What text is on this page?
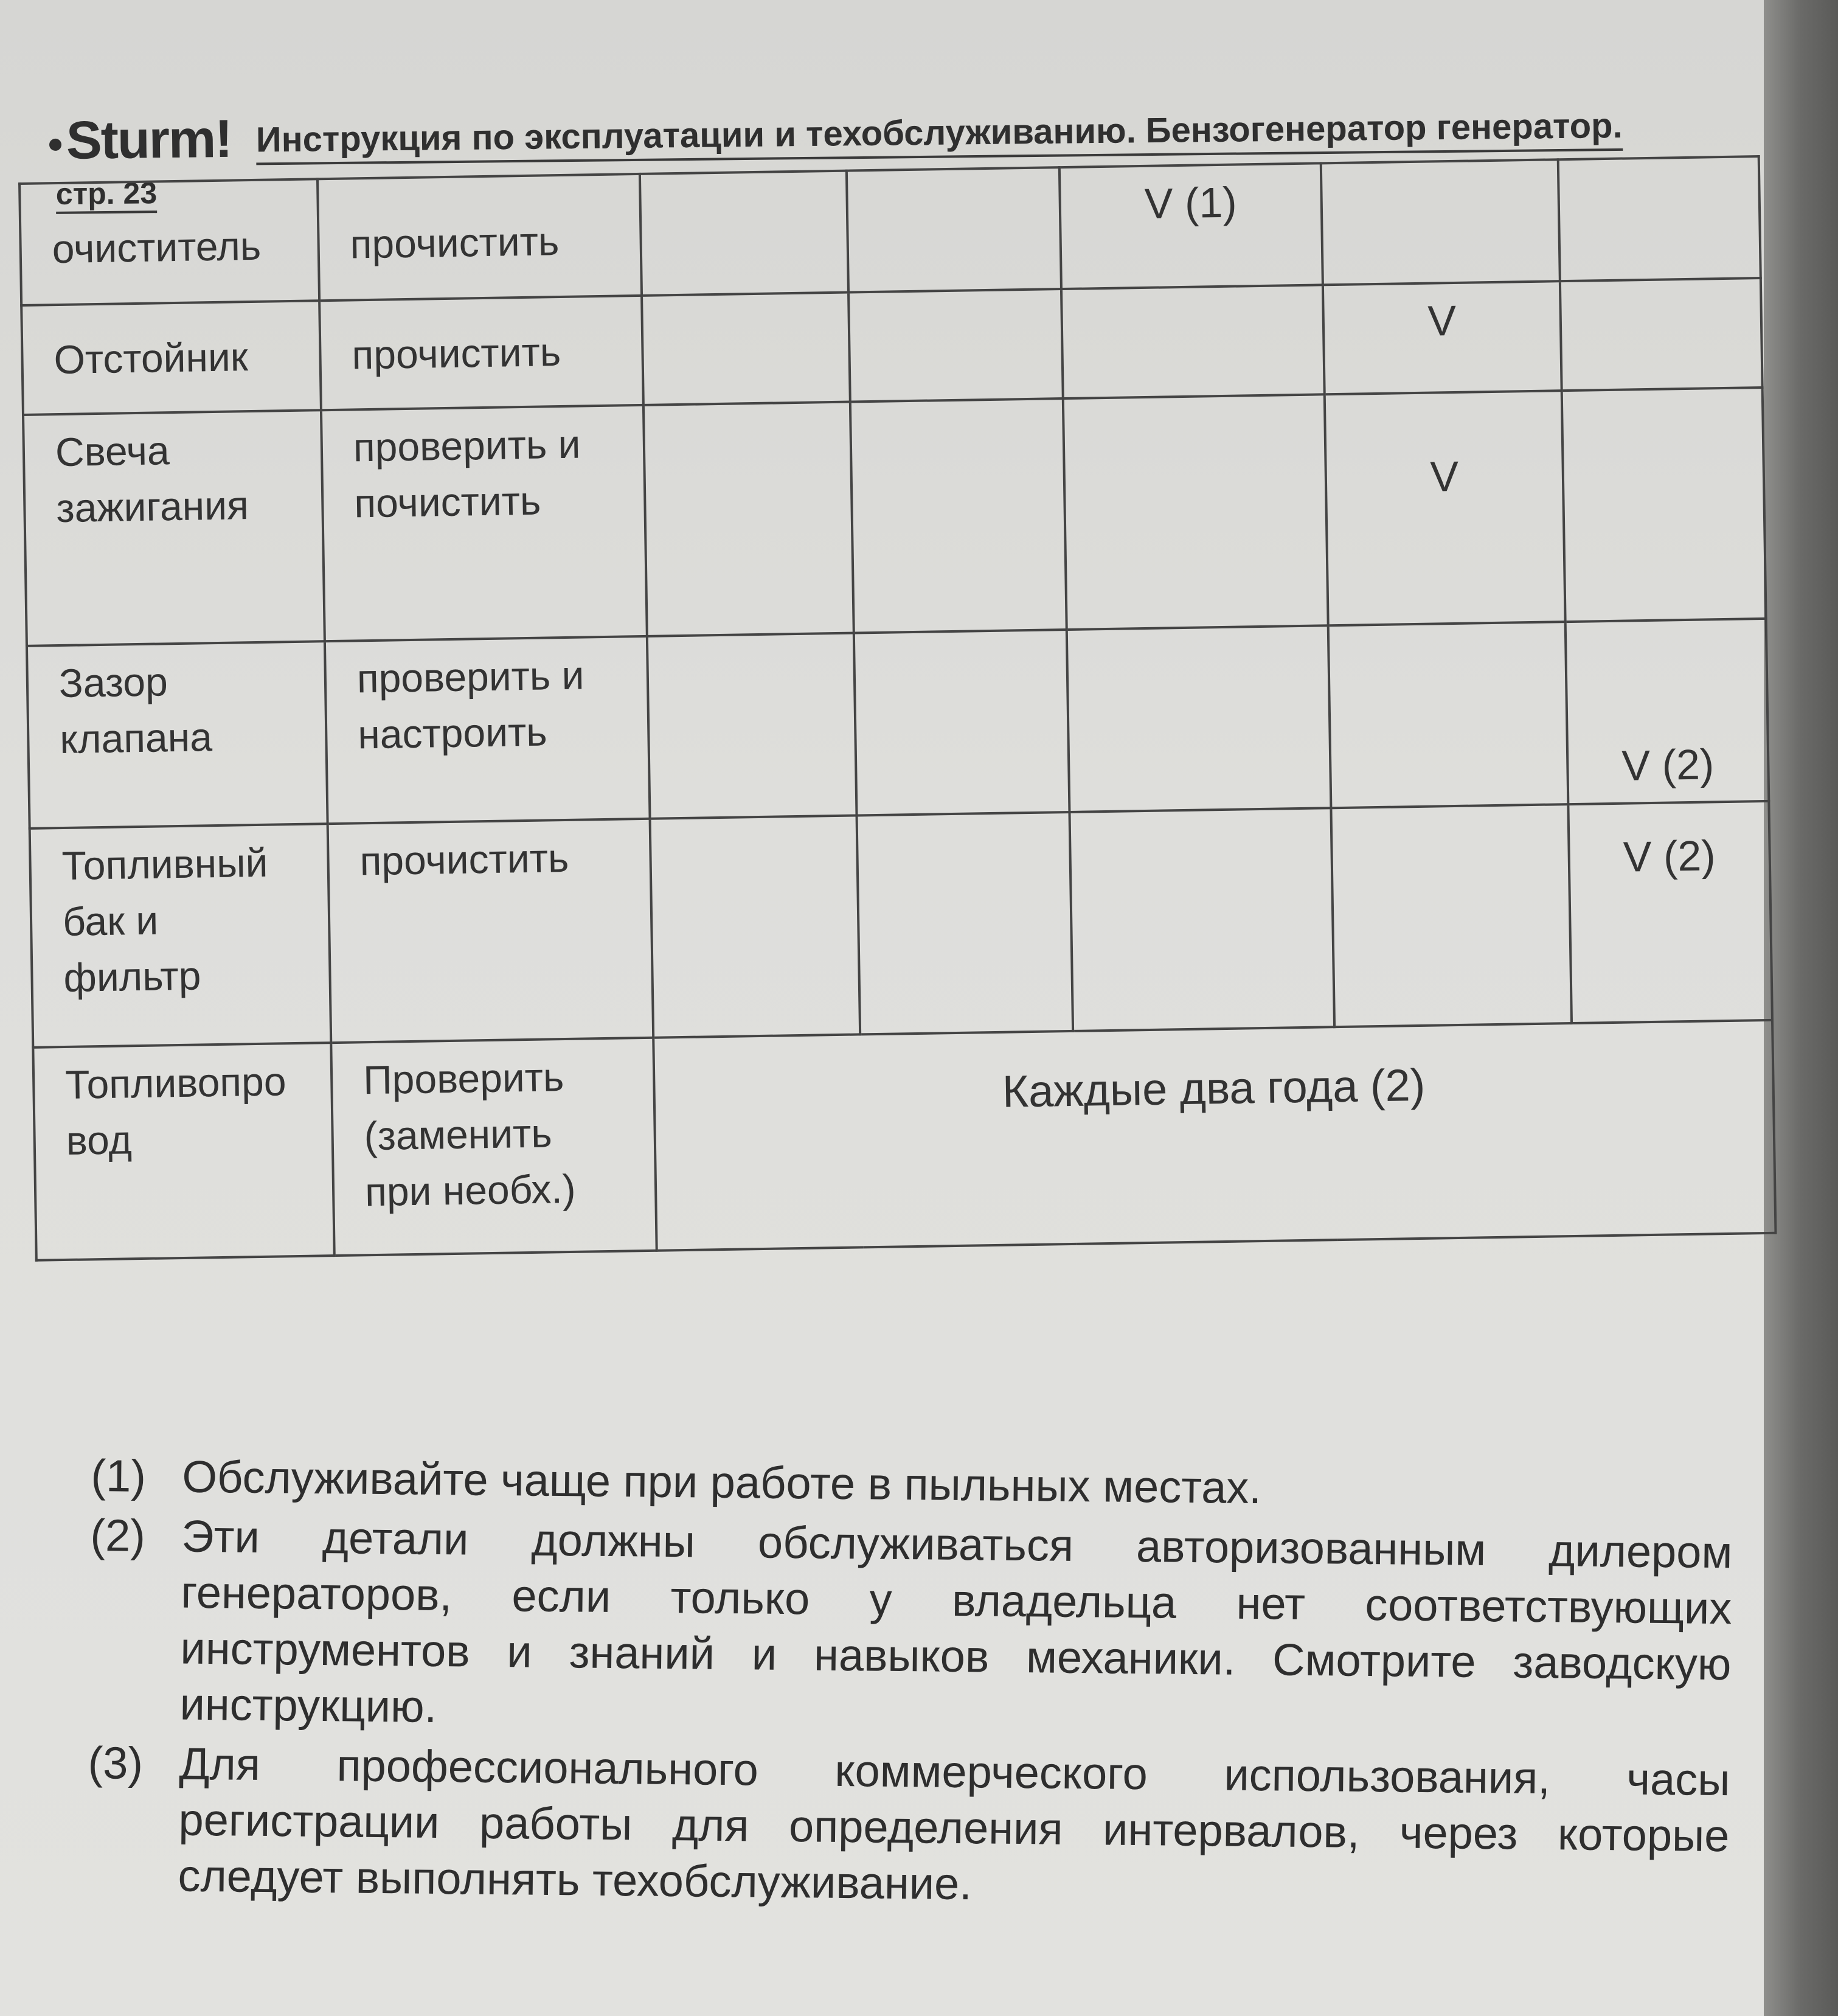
Sturm! Инструкция по эксплуатации и техобслуживанию. Бензогенератор генератор.
стр. 23
очиститель	прочистить			V (1)		
Отстойник	прочистить				V	
Свеча зажигания	проверить и почистить				V	
Зазор клапана	проверить и настроить					V (2)
Топливный бак и фильтр	прочистить					V (2)
Топливопро вод	Проверить (заменить при необх.)	Каждые два года (2)				
(1) Обслуживайте чаще при работе в пыльных местах.
(2) Эти детали должны обслуживаться авторизованным дилером генераторов, если только у владельца нет соответствующих инструментов и знаний и навыков механики. Смотрите заводскую инструкцию.
(3) Для профессионального коммерческого использования, часы регистрации работы для определения интервалов, через которые следует выполнять техобслуживание.
